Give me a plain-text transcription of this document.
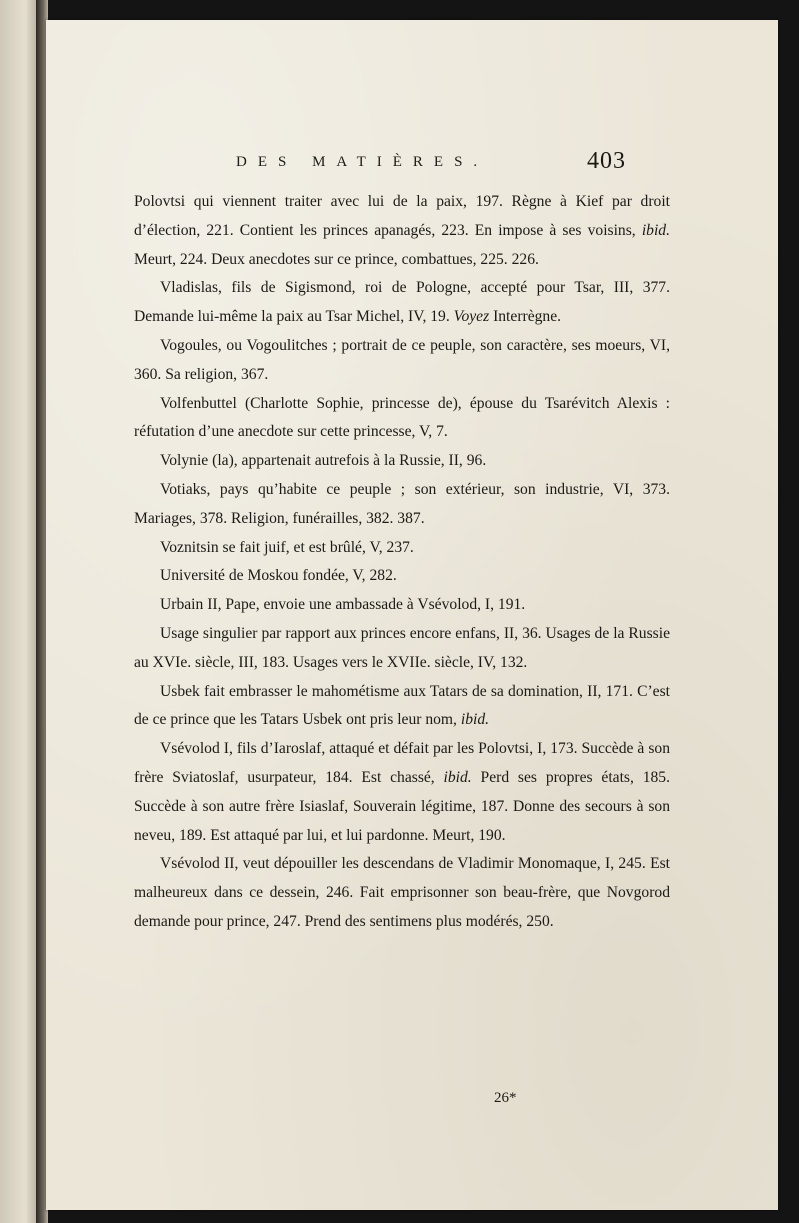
DES MATIÈRES.	403

Polovtsi qui viennent traiter avec lui de la paix, 197. Règne à Kief par droit d’élection, 221. Contient les princes apanagés, 223. En impose à ses voisins, ibid. Meurt, 224. Deux anecdotes sur ce prince, combattues, 225. 226.

Vladislas, fils de Sigismond, roi de Pologne, accepté pour Tsar, III, 377. Demande lui-même la paix au Tsar Michel, IV, 19. Voyez Interrègne.

Vogoules, ou Vogoulitches ; portrait de ce peuple, son caractère, ses moeurs, VI, 360. Sa religion, 367.

Volfenbuttel (Charlotte Sophie, princesse de), épouse du Tsarévitch Alexis : réfutation d’une anecdote sur cette princesse, V, 7.

Volynie (la), appartenait autrefois à la Russie, II, 96.

Votiaks, pays qu’habite ce peuple ; son extérieur, son industrie, VI, 373. Mariages, 378. Religion, funérailles, 382. 387.

Voznitsin se fait juif, et est brûlé, V, 237.

Université de Moskou fondée, V, 282.

Urbain II, Pape, envoie une ambassade à Vsévolod, I, 191.

Usage singulier par rapport aux princes encore enfans, II, 36. Usages de la Russie au XVIe. siècle, III, 183. Usages vers le XVIIe. siècle, IV, 132.

Usbek fait embrasser le mahométisme aux Tatars de sa domination, II, 171. C’est de ce prince que les Tatars Usbek ont pris leur nom, ibid.

Vsévolod I, fils d’Iaroslaf, attaqué et défait par les Polovtsi, I, 173. Succède à son frère Sviatoslaf, usurpateur, 184. Est chassé, ibid. Perd ses propres états, 185. Succède à son autre frère Isiaslaf, Souverain légitime, 187. Donne des secours à son neveu, 189. Est attaqué par lui, et lui pardonne. Meurt, 190.

Vsévolod II, veut dépouiller les descendans de Vladimir Monomaque, I, 245. Est malheureux dans ce dessein, 246. Fait emprisonner son beau-frère, que Novgorod demande pour prince, 247. Prend des sentimens plus modérés, 250.

26*
